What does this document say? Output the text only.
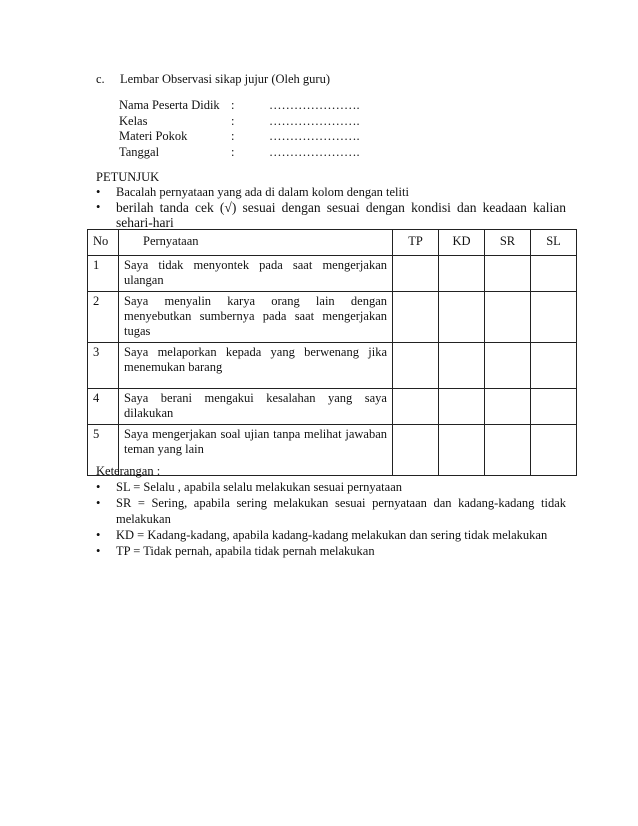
c. Lembar Observasi sikap jujur (Oleh guru)
Nama Peserta Didik :	………………….
Kelas	:	………………….
Materi Pokok	:	………………….
Tanggal	:	………………….
PETUNJUK
•	Bacalah pernyataan yang ada di dalam kolom dengan teliti
•	berilah tanda cek (√) sesuai dengan sesuai dengan kondisi dan keadaan kalian sehari-hari
No	Pernyataan	TP	KD	SR	SL
1	Saya tidak menyontek pada saat mengerjakan ulangan				
2	Saya menyalin karya orang lain dengan menyebutkan sumbernya pada saat mengerjakan tugas				
3	Saya melaporkan kepada yang berwenang jika menemukan barang				
4	Saya berani mengakui kesalahan yang saya dilakukan				
5	Saya mengerjakan soal ujian tanpa melihat jawaban teman yang lain				
Keterangan :
•	SL = Selalu , apabila selalu melakukan sesuai pernyataan
•	SR = Sering, apabila sering melakukan sesuai pernyataan dan kadang-kadang tidak melakukan
•	KD = Kadang-kadang, apabila kadang-kadang melakukan dan sering tidak melakukan
•	TP = Tidak pernah, apabila tidak pernah melakukan
